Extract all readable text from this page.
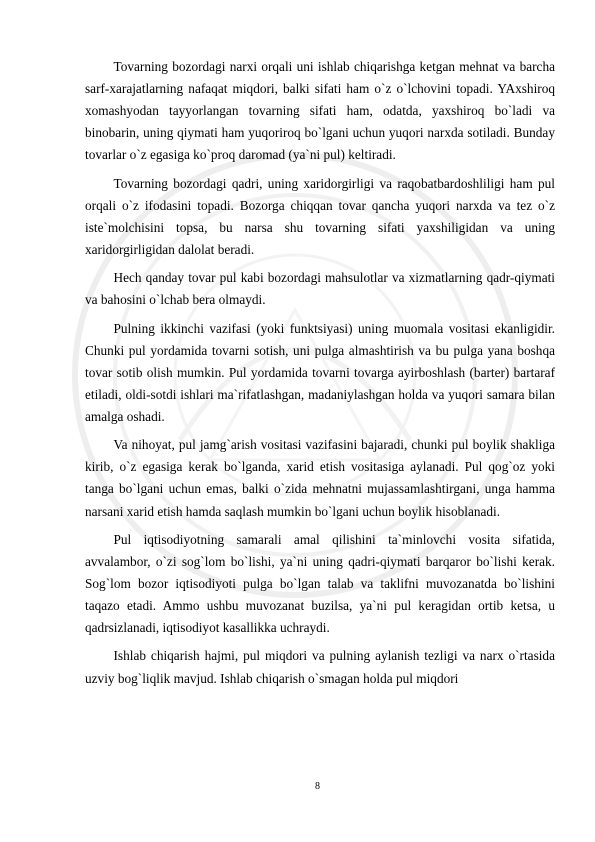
Tovarning bozordagi narxi orqali uni ishlab chiqarishga ketgan mehnat va barcha sarf-xarajatlarning nafaqat miqdori, balki sifati ham o`z o`lchovini topadi. YAxshiroq xomashyodan tayyorlangan tovarning sifati ham, odatda, yaxshiroq bo`ladi va binobarin, uning qiymati ham yuqoriroq bo`lgani uchun yuqori narxda sotiladi. Bunday tovarlar o`z egasiga ko`proq daromad (ya`ni pul) keltiradi.

Tovarning bozordagi qadri, uning xaridorgirligi va raqobatbardoshliligi ham pul orqali o`z ifodasini topadi. Bozorga chiqqan tovar qancha yuqori narxda va tez o`z iste`molchisini topsa, bu narsa shu tovarning sifati yaxshiligidan va uning xaridorgirligidan dalolat beradi.

Hech qanday tovar pul kabi bozordagi mahsulotlar va xizmatlarning qadr-qiymati va bahosini o`lchab bera olmaydi.

Pulning ikkinchi vazifasi (yoki funktsiyasi) uning muomala vositasi ekanligidir. Chunki pul yordamida tovarni sotish, uni pulga almashtirish va bu pulga yana boshqa tovar sotib olish mumkin. Pul yordamida tovarni tovarga ayirboshlash (barter) bartaraf etiladi, oldi-sotdi ishlari ma`rifatlashgan, madaniylashgan holda va yuqori samara bilan amalga oshadi.

Va nihoyat, pul jamg`arish vositasi vazifasini bajaradi, chunki pul boylik shakliga kirib, o`z egasiga kerak bo`lganda, xarid etish vositasiga aylanadi. Pul qog`oz yoki tanga bo`lgani uchun emas, balki o`zida mehnatni mujassamlashtirgani, unga hamma narsani xarid etish hamda saqlash mumkin bo`lgani uchun boylik hisoblanadi.

Pul iqtisodiyotning samarali amal qilishini ta`minlovchi vosita sifatida, avvalambor, o`zi sog`lom bo`lishi, ya`ni uning qadri-qiymati barqaror bo`lishi kerak. Sog`lom bozor iqtisodiyoti pulga bo`lgan talab va taklifni muvozanatda bo`lishini taqazo etadi. Ammo ushbu muvozanat buzilsa, ya`ni pul keragidan ortib ketsa, u qadrsizlanadi, iqtisodiyot kasallikka uchraydi.

Ishlab chiqarish hajmi, pul miqdori va pulning aylanish tezligi va narx o`rtasida uzviy bog`liqlik mavjud. Ishlab chiqarish o`smagan holda pul miqdori

8
